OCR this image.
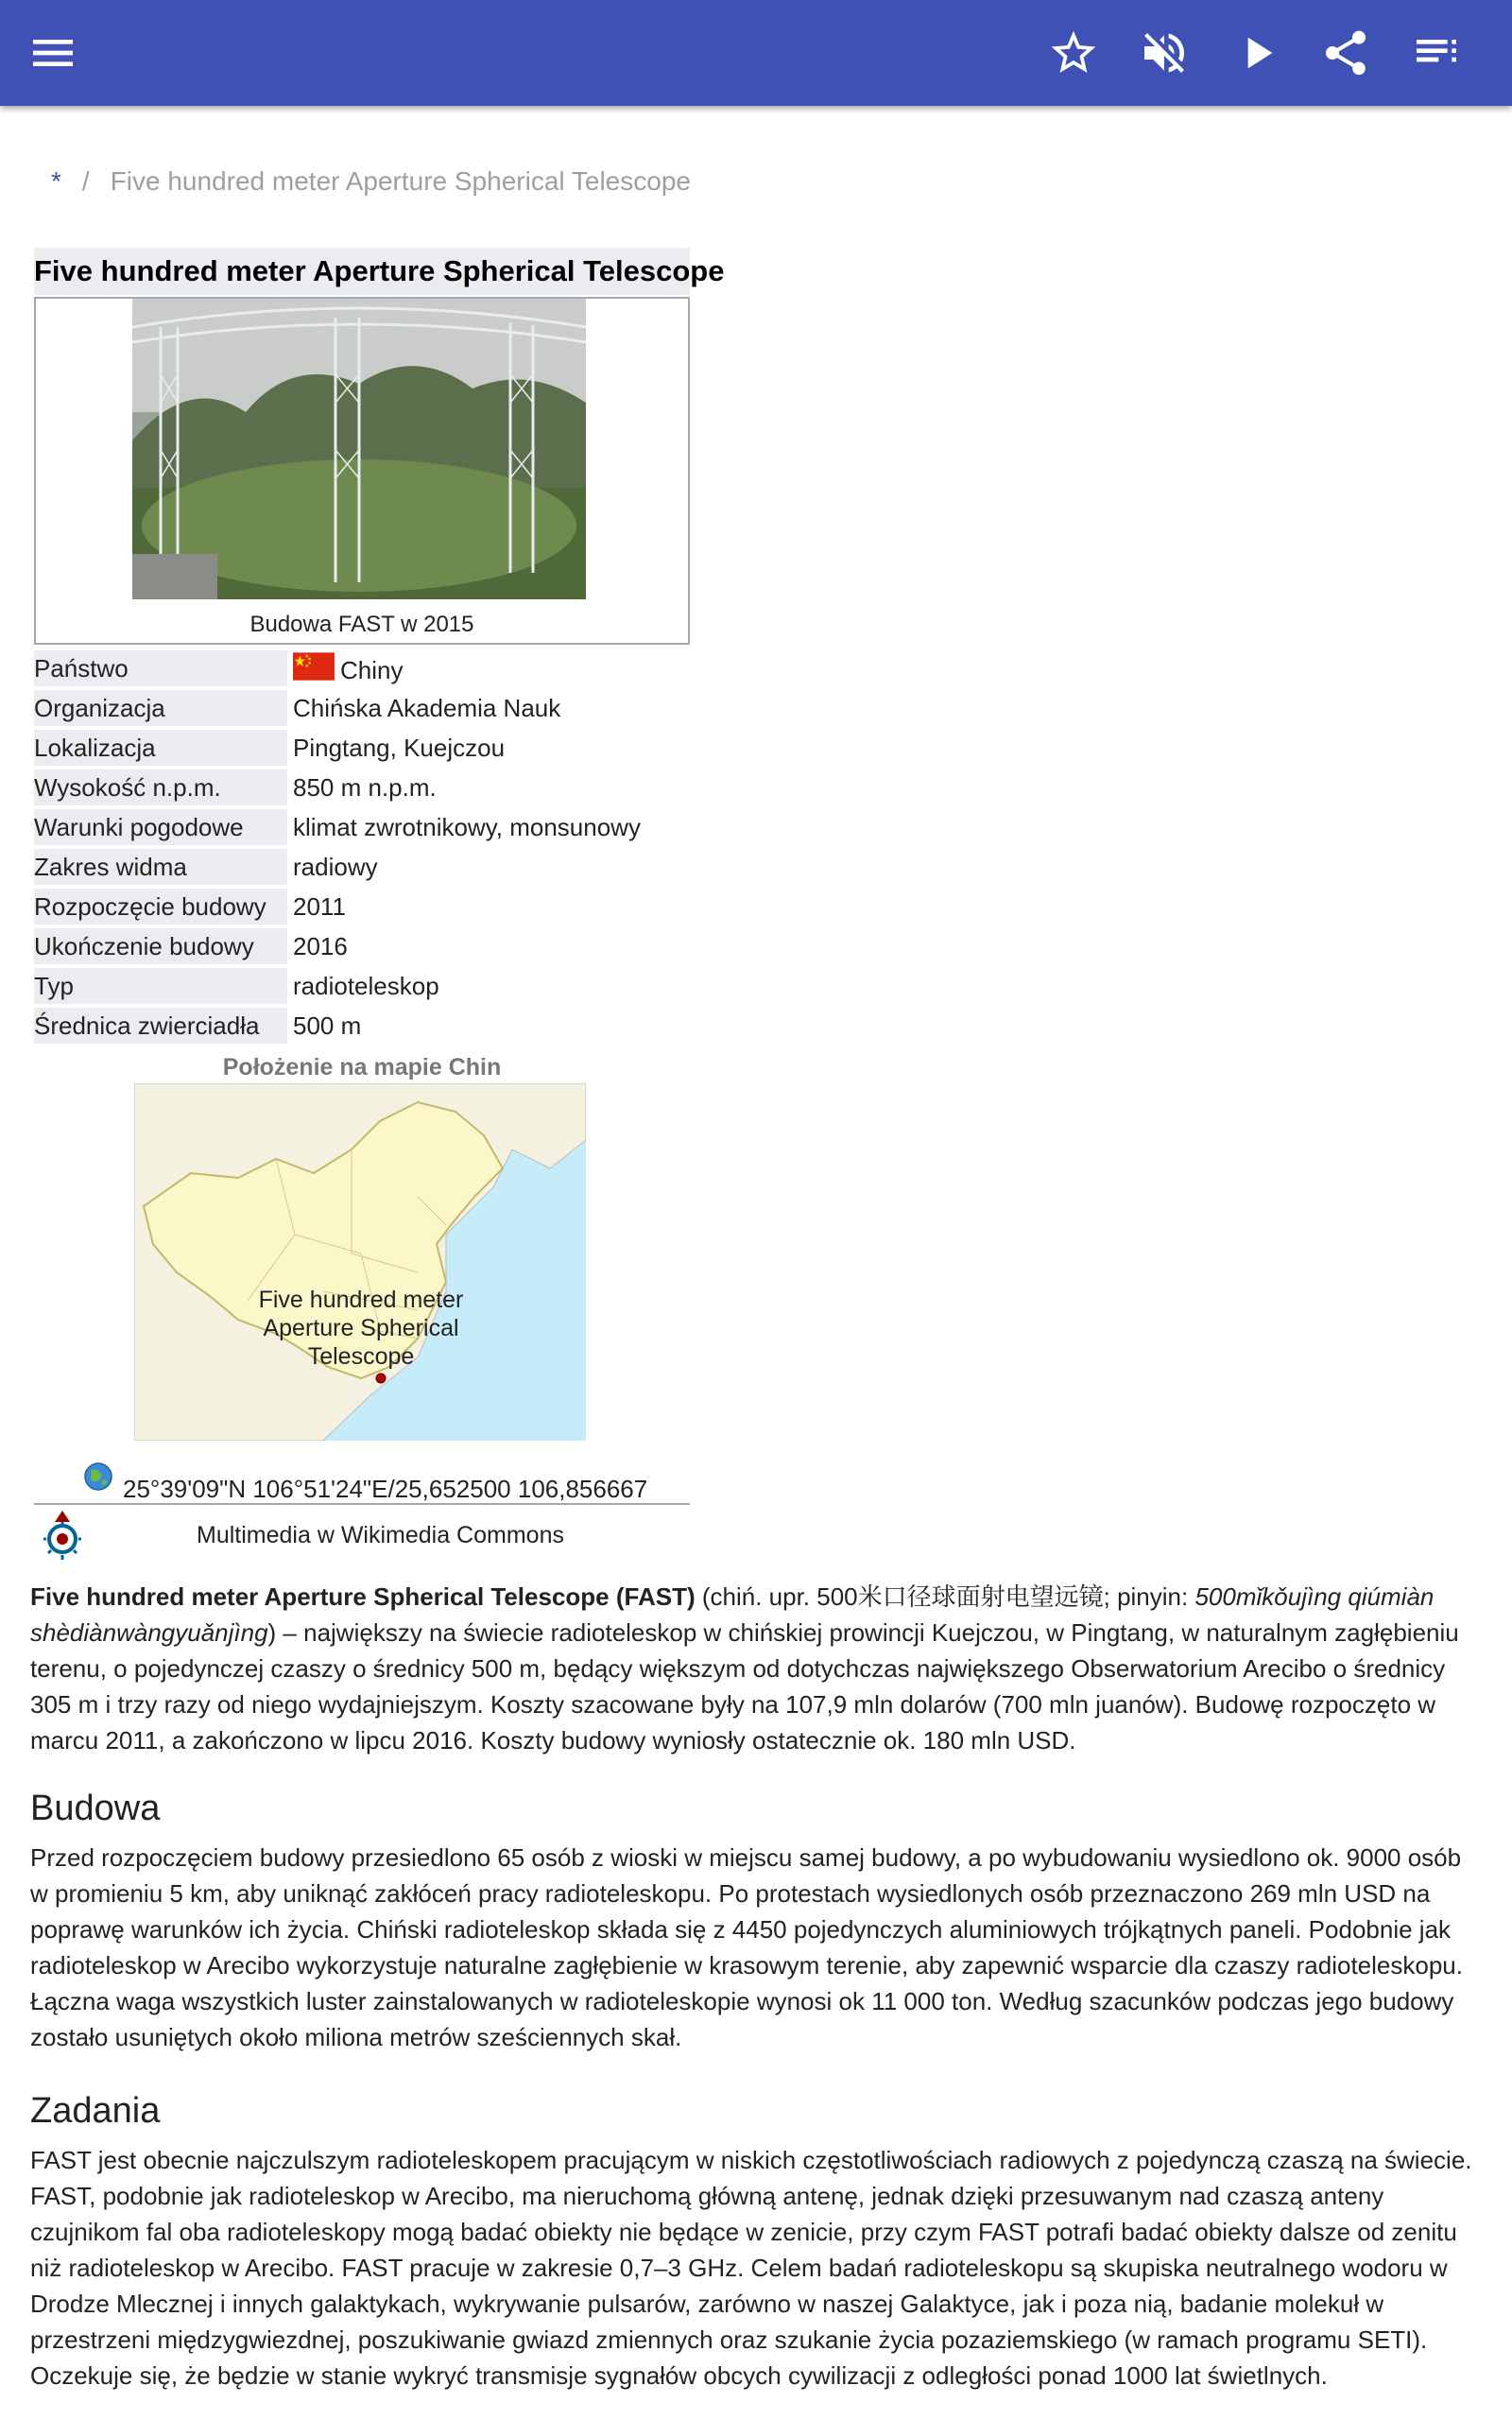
* / Five hundred meter Aperture Spherical Telescope
Five hundred meter Aperture Spherical Telescope
Budowa FAST w 2015
Państwo	Chiny
Organizacja	Chińska Akademia Nauk
Lokalizacja	Pingtang, Kuejczou
Wysokość n.p.m.	850 m n.p.m.
Warunki pogodowe	klimat zwrotnikowy, monsunowy
Zakres widma	radiowy
Rozpoczęcie budowy	2011
Ukończenie budowy	2016
Typ	radioteleskop
Średnica zwierciadła	500 m
Położenie na mapie Chin
Five hundred meter
Aperture Spherical
Telescope
25°39'09"N 106°51'24"E/25,652500 106,856667
Multimedia w Wikimedia Commons
Five hundred meter Aperture Spherical Telescope (FAST) (chiń. upr. 500米口径球面射电望远镜; pinyin: 500mǐkǒujìng qiúmiàn shèdiànwàngyuǎnjìng) – największy na świecie radioteleskop w chińskiej prowincji Kuejczou, w Pingtang, w naturalnym zagłębieniu terenu, o pojedynczej czaszy o średnicy 500 m, będący większym od dotychczas największego Obserwatorium Arecibo o średnicy 305 m i trzy razy od niego wydajniejszym. Koszty szacowane były na 107,9 mln dolarów (700 mln juanów). Budowę rozpoczęto w marcu 2011, a zakończono w lipcu 2016. Koszty budowy wyniosły ostatecznie ok. 180 mln USD.
Budowa
Przed rozpoczęciem budowy przesiedlono 65 osób z wioski w miejscu samej budowy, a po wybudowaniu wysiedlono ok. 9000 osób w promieniu 5 km, aby uniknąć zakłóceń pracy radioteleskopu. Po protestach wysiedlonych osób przeznaczono 269 mln USD na poprawę warunków ich życia. Chiński radioteleskop składa się z 4450 pojedynczych aluminiowych trójkątnych paneli. Podobnie jak radioteleskop w Arecibo wykorzystuje naturalne zagłębienie w krasowym terenie, aby zapewnić wsparcie dla czaszy radioteleskopu. Łączna waga wszystkich luster zainstalowanych w radioteleskopie wynosi ok 11 000 ton. Według szacunków podczas jego budowy zostało usuniętych około miliona metrów sześciennych skał.
Zadania
FAST jest obecnie najczulszym radioteleskopem pracującym w niskich częstotliwościach radiowych z pojedynczą czaszą na świecie. FAST, podobnie jak radioteleskop w Arecibo, ma nieruchomą główną antenę, jednak dzięki przesuwanym nad czaszą anteny czujnikom fal oba radioteleskopy mogą badać obiekty nie będące w zenicie, przy czym FAST potrafi badać obiekty dalsze od zenitu niż radioteleskop w Arecibo. FAST pracuje w zakresie 0,7–3 GHz. Celem badań radioteleskopu są skupiska neutralnego wodoru w Drodze Mlecznej i innych galaktykach, wykrywanie pulsarów, zarówno w naszej Galaktyce, jak i poza nią, badanie molekuł w przestrzeni międzygwiezdnej, poszukiwanie gwiazd zmiennych oraz szukanie życia pozaziemskiego (w ramach programu SETI). Oczekuje się, że będzie w stanie wykryć transmisje sygnałów obcych cywilizacji z odległości ponad 1000 lat świetlnych.
